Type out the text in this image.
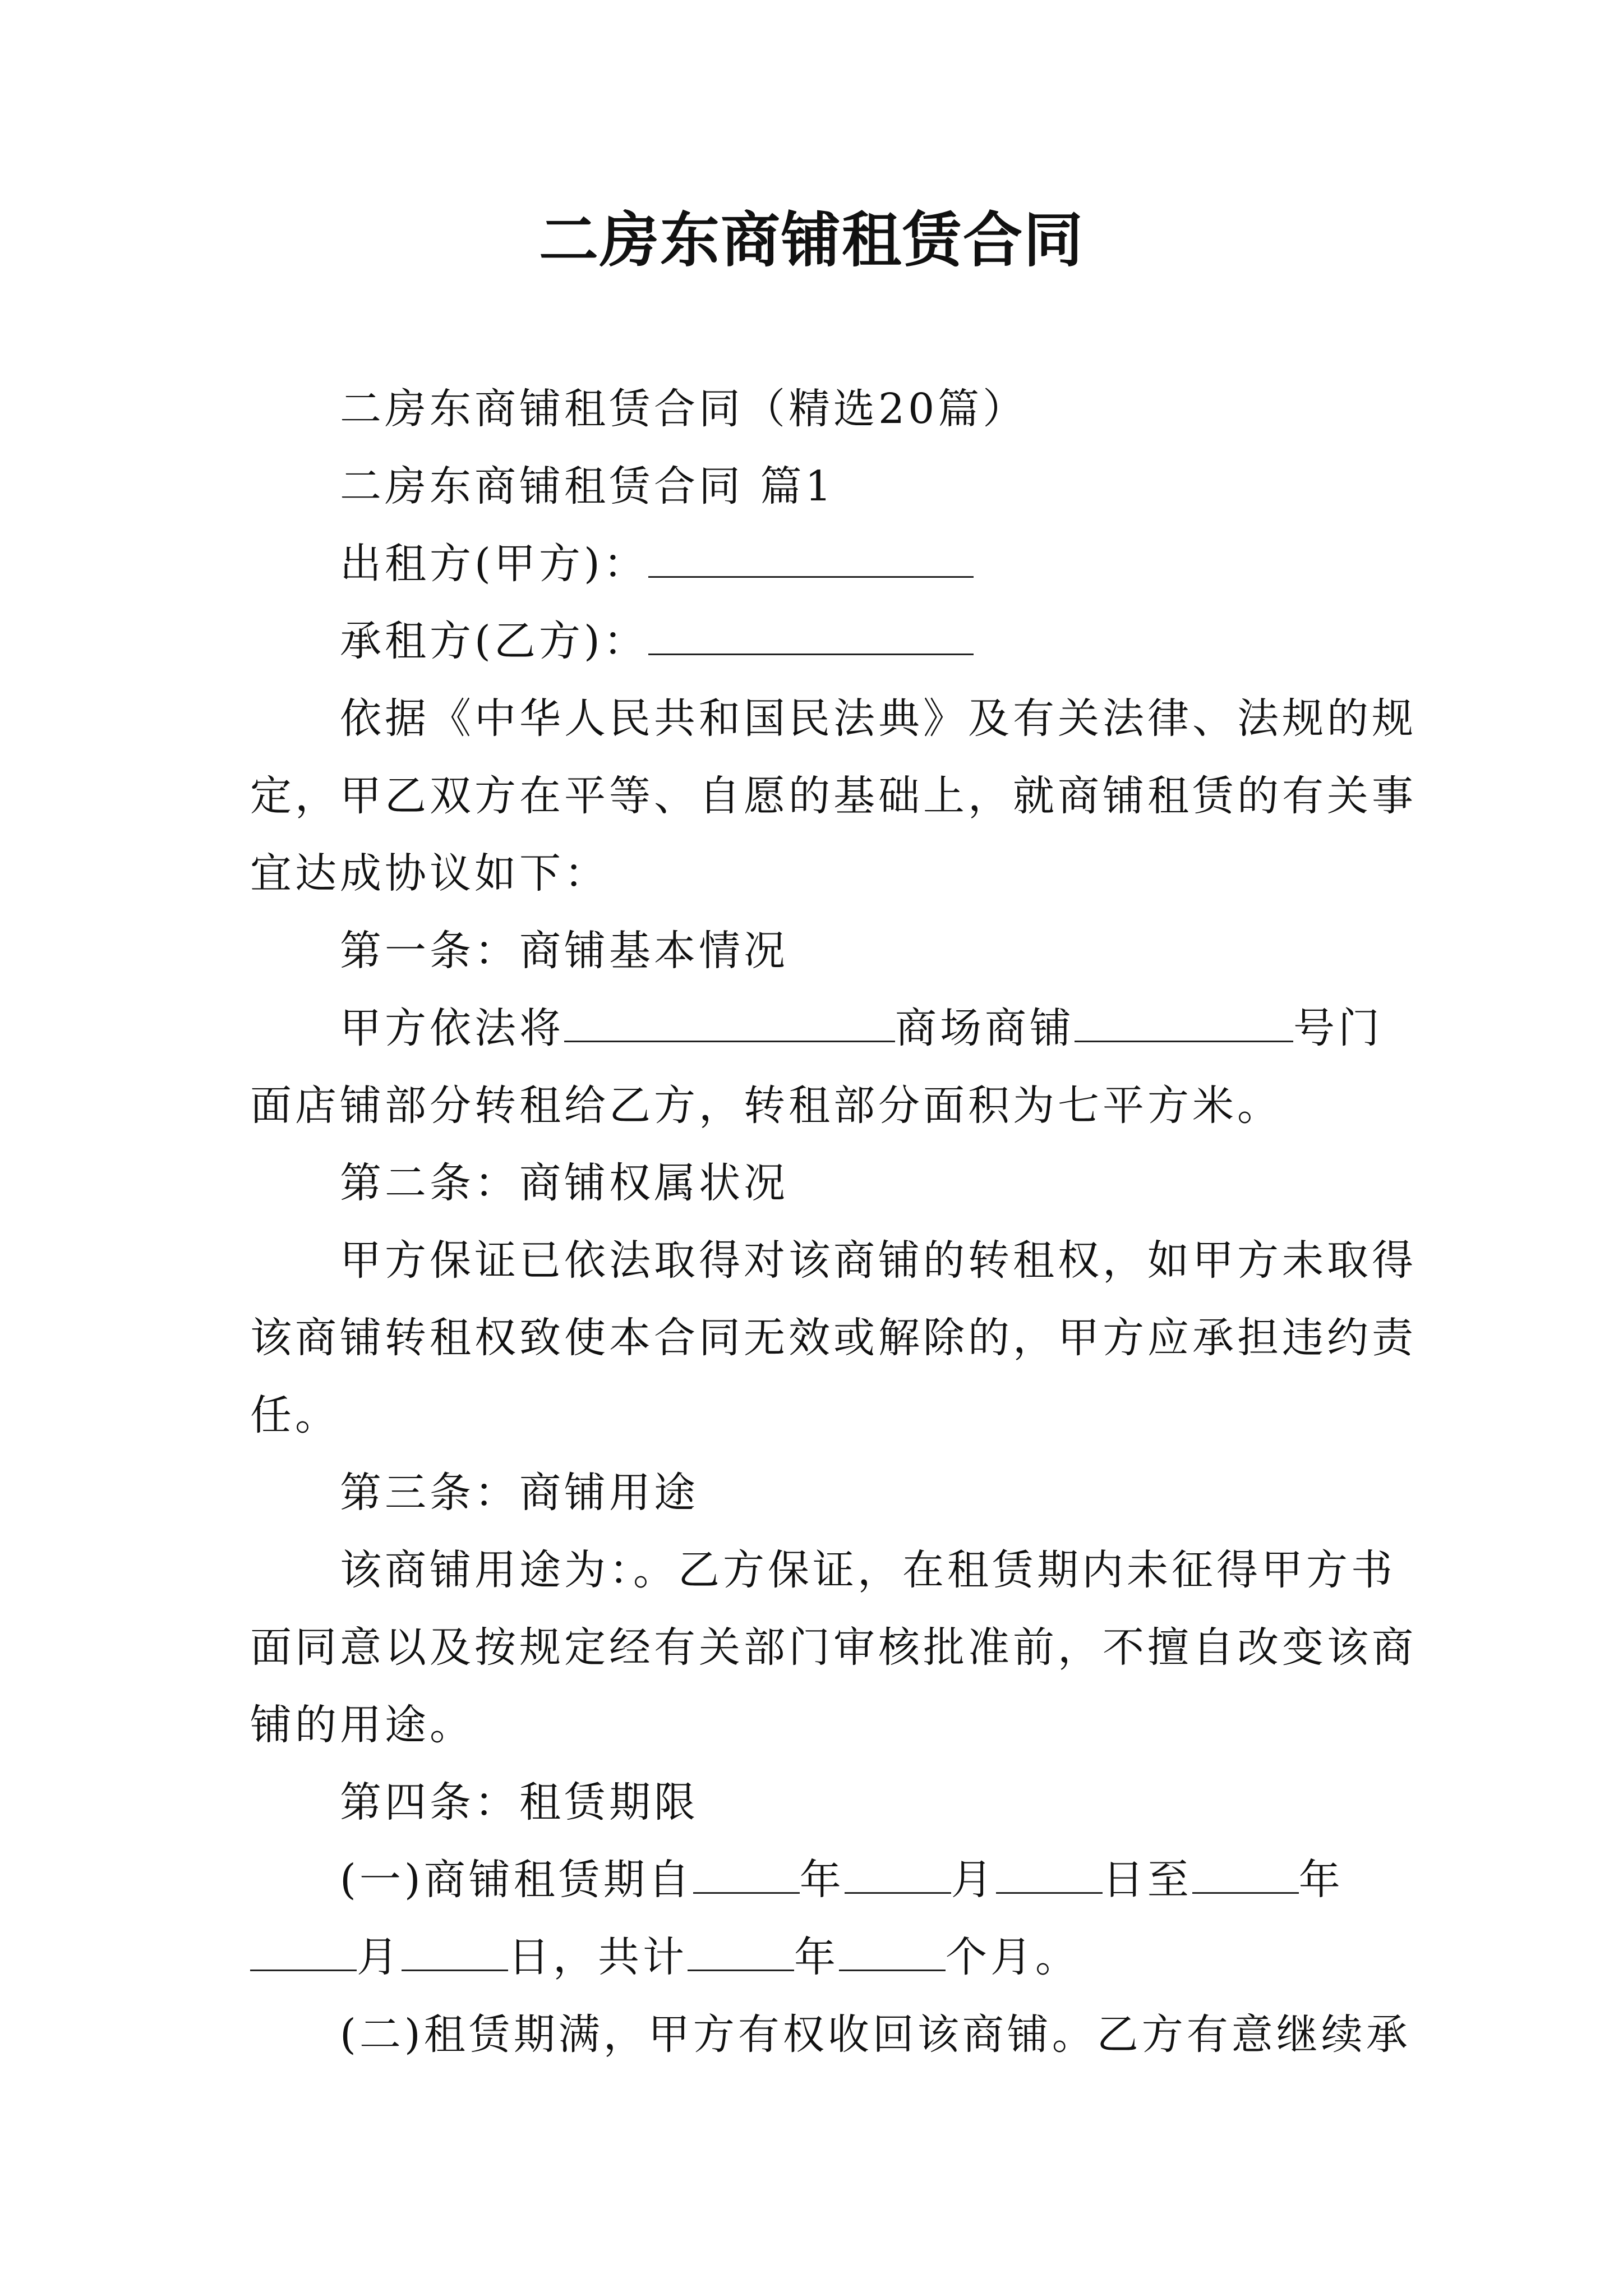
二房东商铺租赁合同
二房东商铺租赁合同（精选20篇）
二房东商铺租赁合同 篇1
出租方(甲方)：
承租方(乙方)：
依据《中华人民共和国民法典》及有关法律、法规的规
定，甲乙双方在平等、自愿的基础上，就商铺租赁的有关事
宜达成协议如下：
第一条：商铺基本情况
甲方依法将	商场商铺	号门
面店铺部分转租给乙方，转租部分面积为七平方米。
第二条：商铺权属状况
甲方保证已依法取得对该商铺的转租权，如甲方未取得
该商铺转租权致使本合同无效或解除的，甲方应承担违约责
任。
第三条：商铺用途
该商铺用途为：。乙方保证，在租赁期内未征得甲方书
面同意以及按规定经有关部门审核批准前，不擅自改变该商
铺的用途。
第四条：租赁期限
(一)商铺租赁期自	年	月	日至	年
月	日，共计	年	个月。
(二)租赁期满，甲方有权收回该商铺。乙方有意继续承
